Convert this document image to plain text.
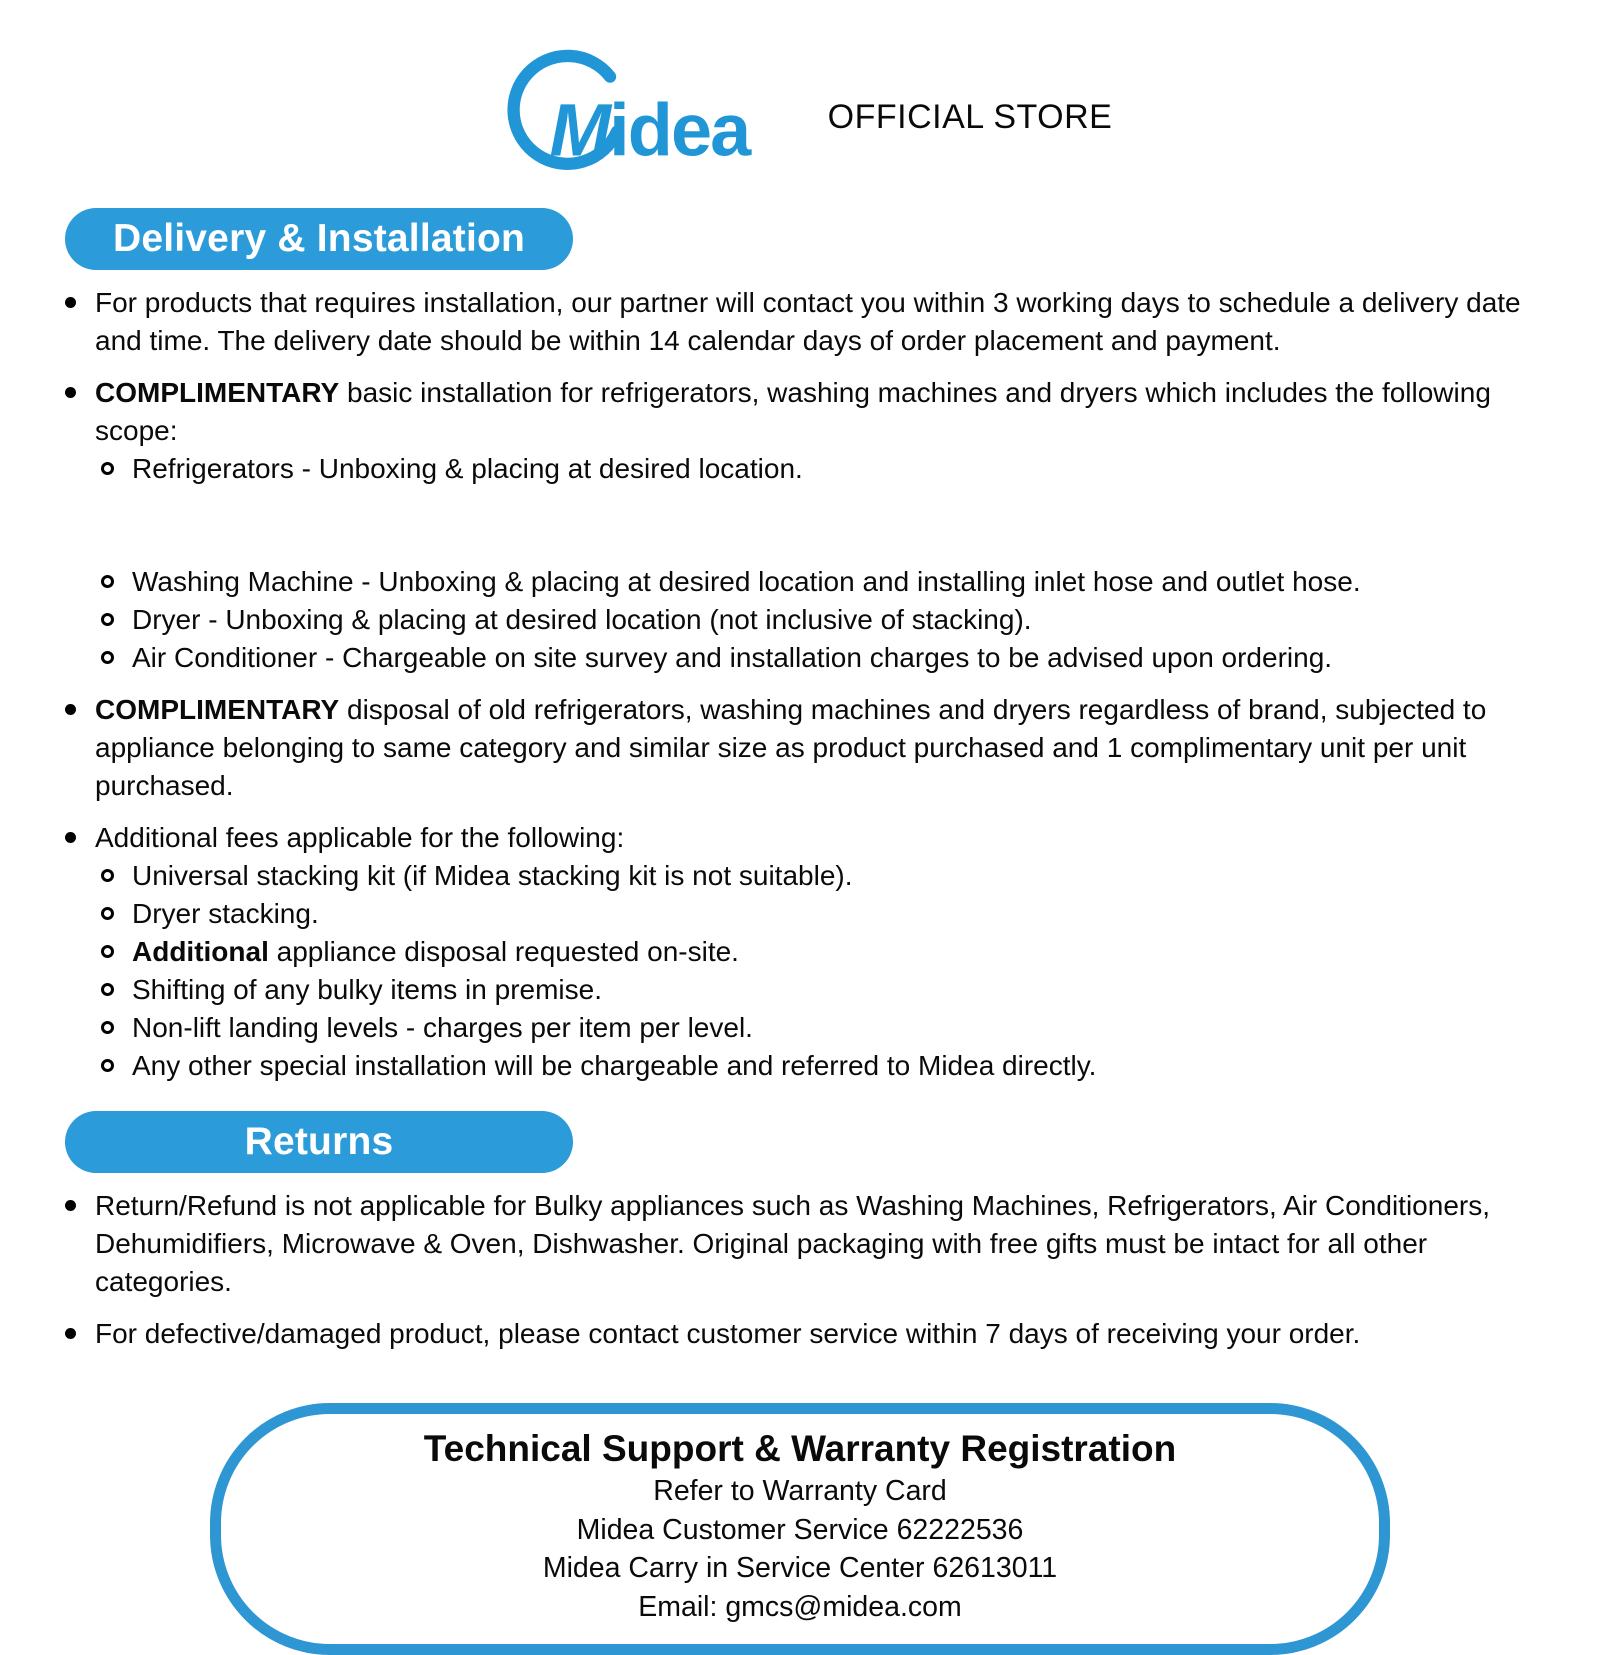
Midea OFFICIAL STORE
Delivery & Installation
For products that requires installation, our partner will contact you within 3 working days to schedule a delivery date and time. The delivery date should be within 14 calendar days of order placement and payment.
COMPLIMENTARY basic installation for refrigerators, washing machines and dryers which includes the following scope:
Refrigerators - Unboxing & placing at desired location.
Washing Machine - Unboxing & placing at desired location and installing inlet hose and outlet hose.
Dryer - Unboxing & placing at desired location (not inclusive of stacking).
Air Conditioner - Chargeable on site survey and installation charges to be advised upon ordering.
COMPLIMENTARY disposal of old refrigerators, washing machines and dryers regardless of brand, subjected to appliance belonging to same category and similar size as product purchased and 1 complimentary unit per unit purchased.
Additional fees applicable for the following:
Universal stacking kit (if Midea stacking kit is not suitable).
Dryer stacking.
Additional appliance disposal requested on-site.
Shifting of any bulky items in premise.
Non-lift landing levels - charges per item per level.
Any other special installation will be chargeable and referred to Midea directly.
Returns
Return/Refund is not applicable for Bulky appliances such as Washing Machines, Refrigerators, Air Conditioners, Dehumidifiers, Microwave & Oven, Dishwasher. Original packaging with free gifts must be intact for all other categories.
For defective/damaged product, please contact customer service within 7 days of receiving your order.
Technical Support & Warranty Registration
Refer to Warranty Card
Midea Customer Service 62222536
Midea Carry in Service Center 62613011
Email: gmcs@midea.com
